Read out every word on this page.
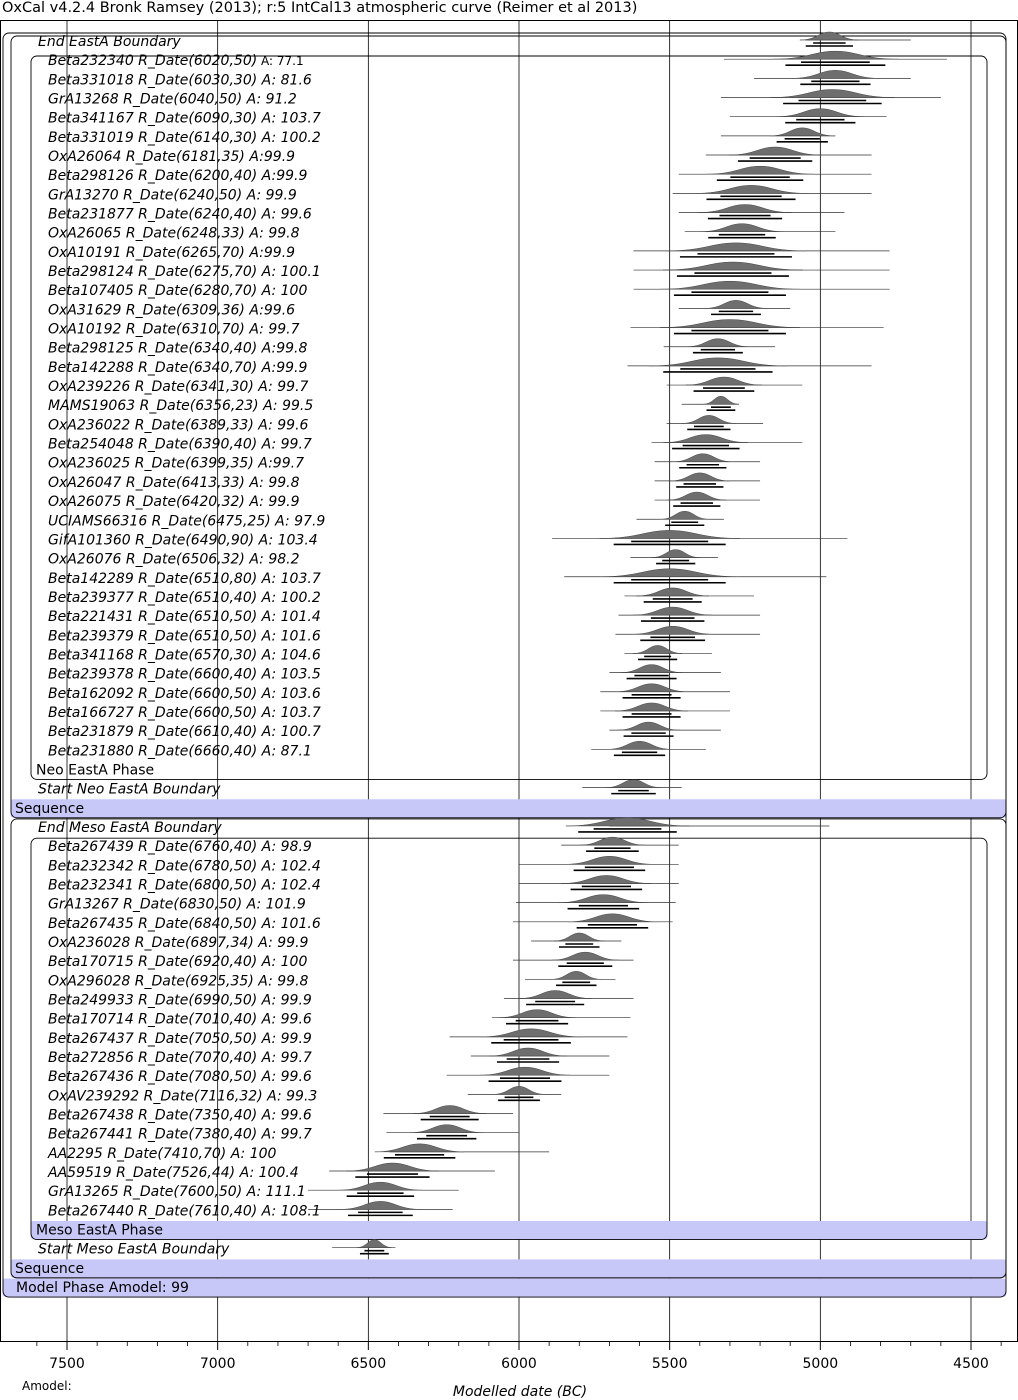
OxCal v4.2.4 Bronk Ramsey (2013); r:5 IntCal13 atmospheric curve (Reimer et al 2013)
End EastA Boundary
Beta232340 R_Date(6020,50) A: 77.1
Beta331018 R_Date(6030,30) A: 81.6
GrA13268 R_Date(6040,50) A: 91.2
Beta341167 R_Date(6090,30) A: 103.7
Beta331019 R_Date(6140,30) A: 100.2
OxA26064 R_Date(6181,35) A:99.9
Beta298126 R_Date(6200,40) A:99.9
GrA13270 R_Date(6240,50) A: 99.9
Beta231877 R_Date(6240,40) A: 99.6
OxA26065 R_Date(6248,33) A: 99.8
OxA10191 R_Date(6265,70) A:99.9
Beta298124 R_Date(6275,70) A: 100.1
Beta107405 R_Date(6280,70) A: 100
OxA31629 R_Date(6309,36) A:99.6
OxA10192 R_Date(6310,70) A: 99.7
Beta298125 R_Date(6340,40) A:99.8
Beta142288 R_Date(6340,70) A:99.9
OxA239226 R_Date(6341,30) A: 99.7
MAMS19063 R_Date(6356,23) A: 99.5
OxA236022 R_Date(6389,33) A: 99.6
Beta254048 R_Date(6390,40) A: 99.7
OxA236025 R_Date(6399,35) A:99.7
OxA26047 R_Date(6413,33) A: 99.8
OxA26075 R_Date(6420,32) A: 99.9
UCIAMS66316 R_Date(6475,25) A: 97.9
GifA101360 R_Date(6490,90) A: 103.4
OxA26076 R_Date(6506,32) A: 98.2
Beta142289 R_Date(6510,80) A: 103.7
Beta239377 R_Date(6510,40) A: 100.2
Beta221431 R_Date(6510,50) A: 101.4
Beta239379 R_Date(6510,50) A: 101.6
Beta341168 R_Date(6570,30) A: 104.6
Beta239378 R_Date(6600,40) A: 103.5
Beta162092 R_Date(6600,50) A: 103.6
Beta166727 R_Date(6600,50) A: 103.7
Beta231879 R_Date(6610,40) A: 100.7
Beta231880 R_Date(6660,40) A: 87.1
Neo EastA Phase
Start Neo EastA Boundary
Sequence
End Meso EastA Boundary
Beta267439 R_Date(6760,40) A: 98.9
Beta232342 R_Date(6780,50) A: 102.4
Beta232341 R_Date(6800,50) A: 102.4
GrA13267 R_Date(6830,50) A: 101.9
Beta267435 R_Date(6840,50) A: 101.6
OxA236028 R_Date(6897,34) A: 99.9
Beta170715 R_Date(6920,40) A: 100
OxA296028 R_Date(6925,35) A: 99.8
Beta249933 R_Date(6990,50) A: 99.9
Beta170714 R_Date(7010,40) A: 99.6
Beta267437 R_Date(7050,50) A: 99.9
Beta272856 R_Date(7070,40) A: 99.7
Beta267436 R_Date(7080,50) A: 99.6
OxAV239292 R_Date(7116,32) A: 99.3
Beta267438 R_Date(7350,40) A: 99.6
Beta267441 R_Date(7380,40) A: 99.7
AA2295 R_Date(7410,70) A: 100
AA59519 R_Date(7526,44) A: 100.4
GrA13265 R_Date(7600,50) A: 111.1
Beta267440 R_Date(7610,40) A: 108.1
Meso EastA Phase
Start Meso EastA Boundary
Sequence
Model Phase Amodel: 99
7500	7000	6500	6000	5500	5000	4500
Amodel:	Modelled date (BC)
